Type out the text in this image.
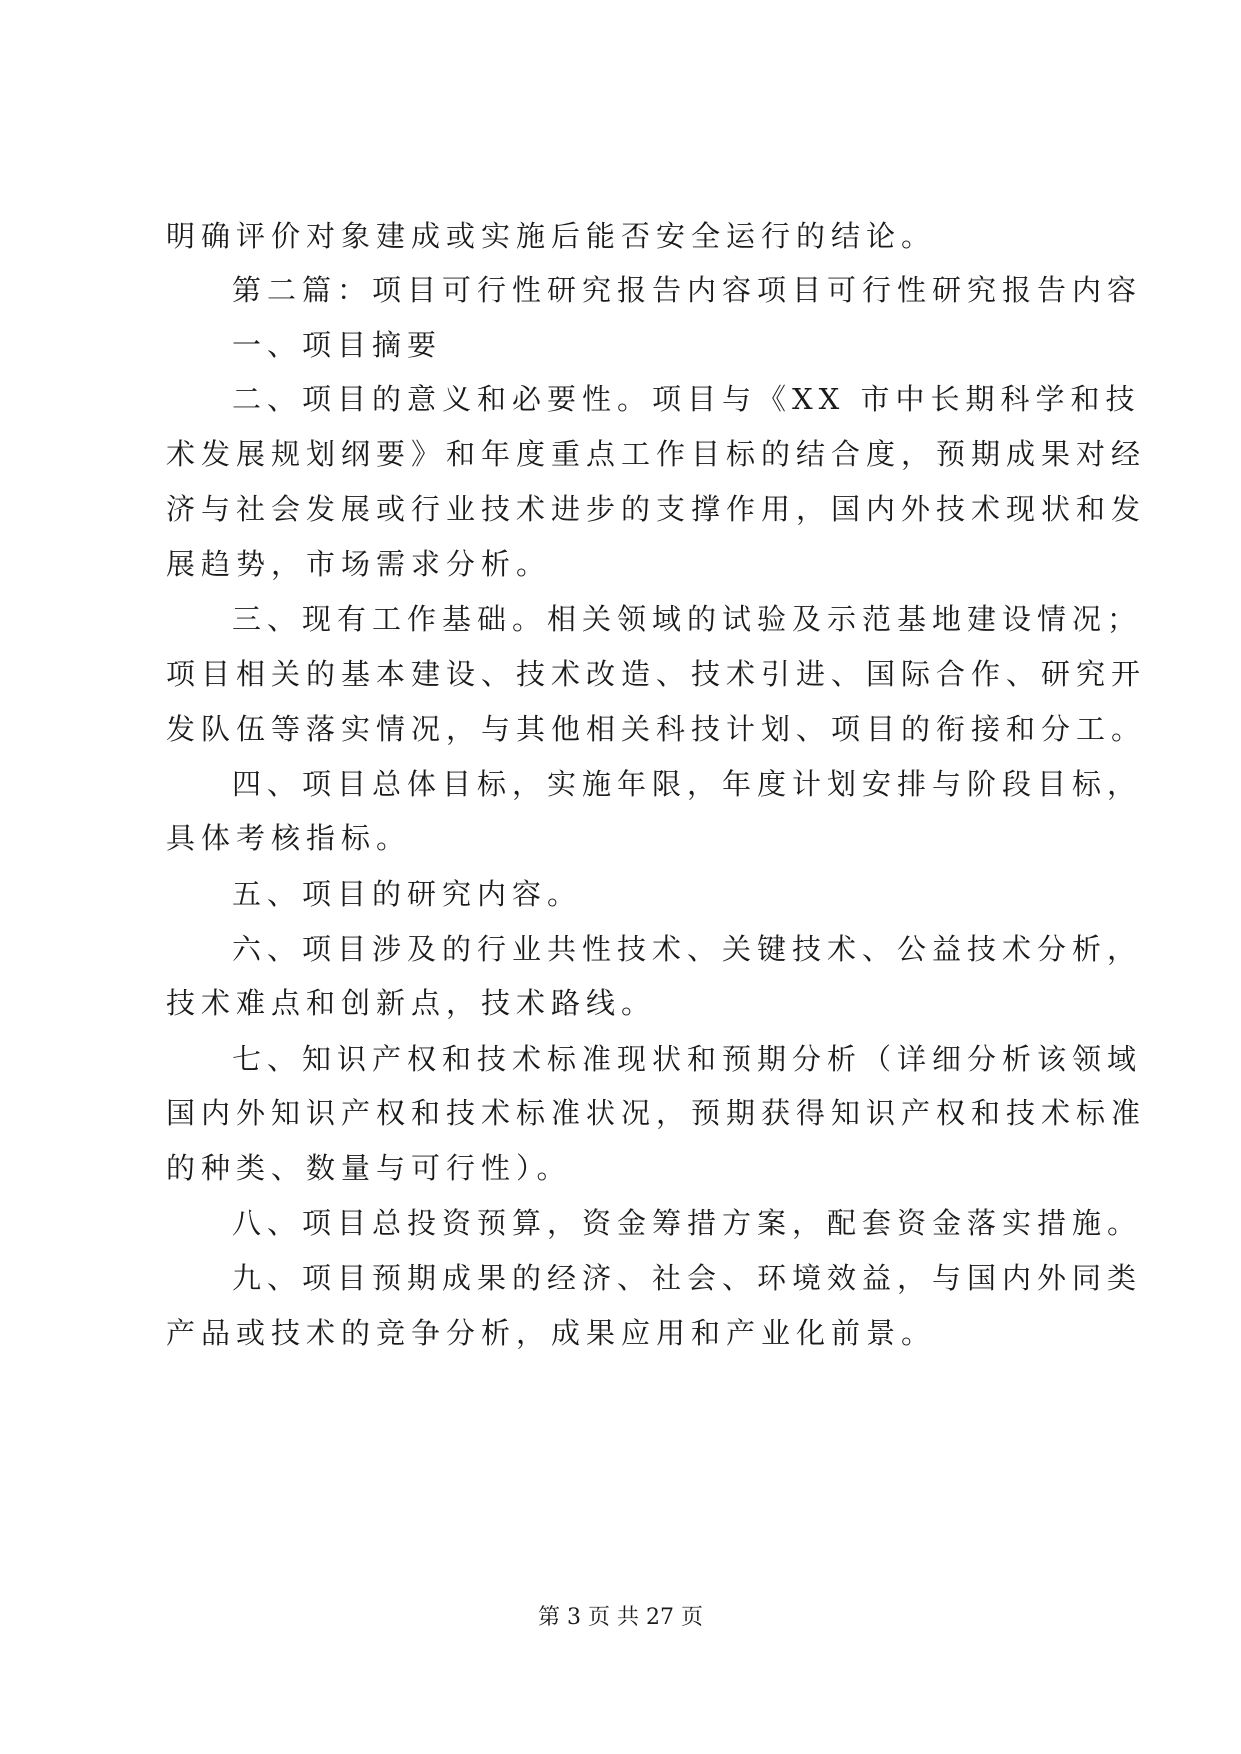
明确评价对象建成或实施后能否安全运行的结论。
第二篇：项目可行性研究报告内容项目可行性研究报告内容
一、项目摘要
二、项目的意义和必要性。项目与《XX 市中长期科学和技
术发展规划纲要》和年度重点工作目标的结合度，预期成果对经
济与社会发展或行业技术进步的支撑作用，国内外技术现状和发
展趋势，市场需求分析。
三、现有工作基础。相关领域的试验及示范基地建设情况；
项目相关的基本建设、技术改造、技术引进、国际合作、研究开
发队伍等落实情况，与其他相关科技计划、项目的衔接和分工。
四、项目总体目标，实施年限，年度计划安排与阶段目标，
具体考核指标。
五、项目的研究内容。
六、项目涉及的行业共性技术、关键技术、公益技术分析，
技术难点和创新点，技术路线。
七、知识产权和技术标准现状和预期分析（详细分析该领域
国内外知识产权和技术标准状况，预期获得知识产权和技术标准
的种类、数量与可行性）。
八、项目总投资预算，资金筹措方案，配套资金落实措施。
九、项目预期成果的经济、社会、环境效益，与国内外同类
产品或技术的竞争分析，成果应用和产业化前景。
第 3 页 共 27 页
